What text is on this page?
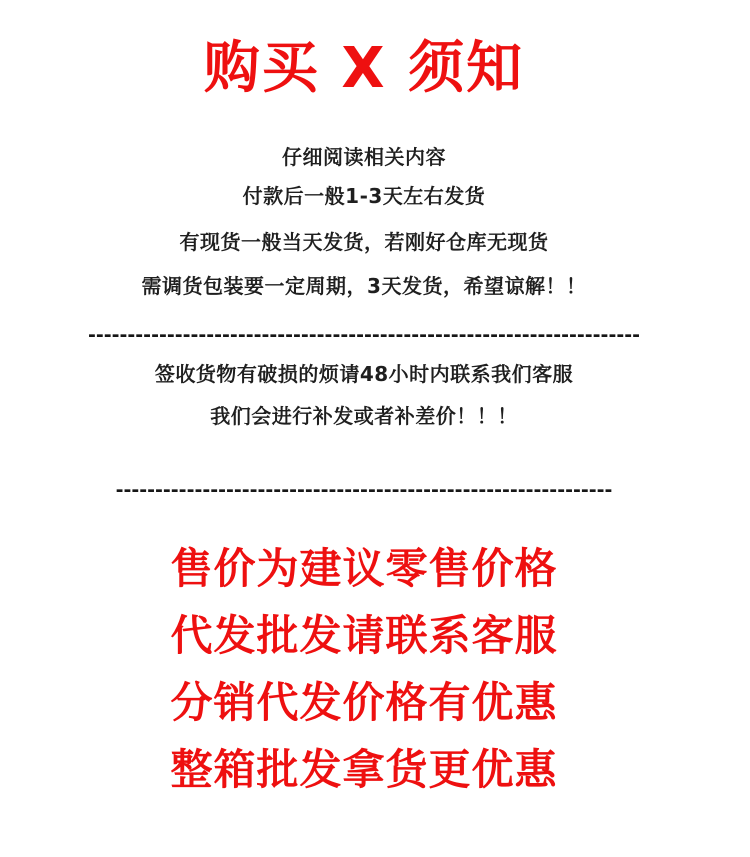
购买 X 须知
仔细阅读相关内容
付款后一般1-3天左右发货
有现货一般当天发货，若刚好仓库无现货
需调货包装要一定周期，3天发货，希望谅解！！
----------------------------------------------------------------------
签收货物有破损的烦请48小时内联系我们客服
我们会进行补发或者补差价！！！
---------------------------------------------------------------
售价为建议零售价格
代发批发请联系客服
分销代发价格有优惠
整箱批发拿货更优惠
